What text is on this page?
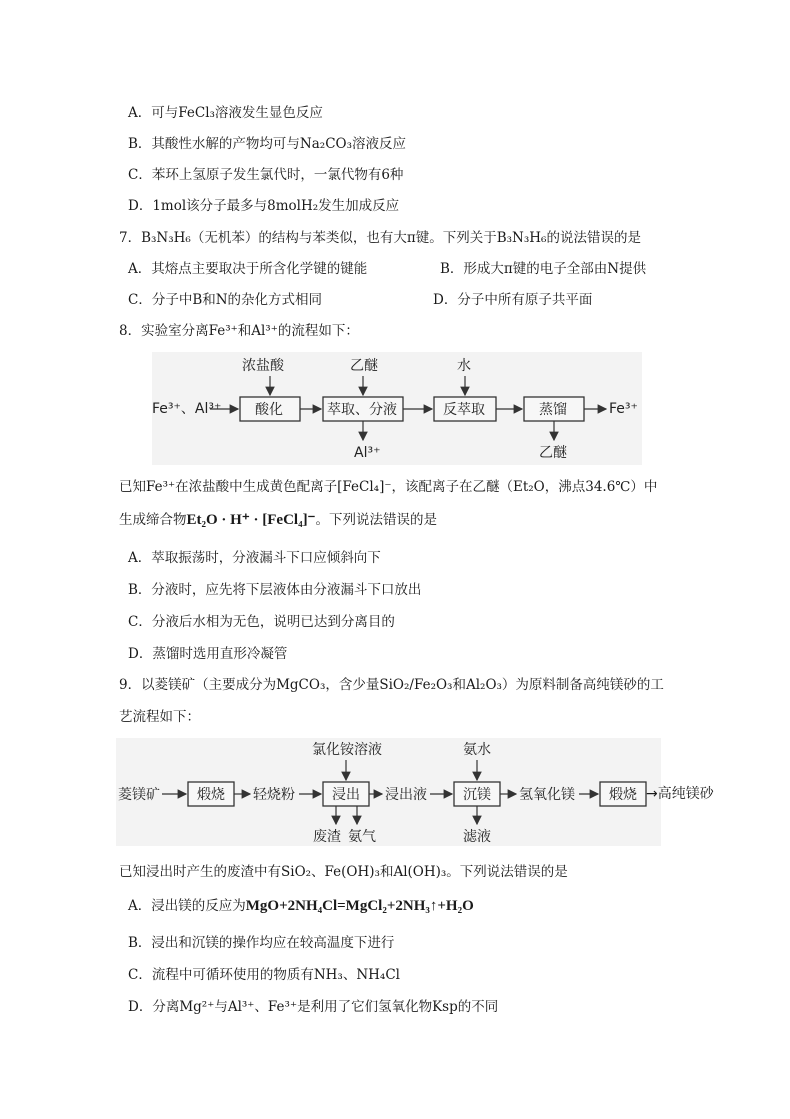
A．可与FeCl₃溶液发生显色反应
B．其酸性水解的产物均可与Na₂CO₃溶液反应
C．苯环上氢原子发生氯代时，一氯代物有6种
D．1mol该分子最多与8molH₂发生加成反应
7．B₃N₃H₆（无机苯）的结构与苯类似，也有大π键。下列关于B₃N₃H₆的说法错误的是
A．其熔点主要取决于所含化学键的键能	B．形成大π键的电子全部由N提供
C．分子中B和N的杂化方式相同	D．分子中所有原子共平面
8．实验室分离Fe³⁺和Al³⁺的流程如下：
Fe³⁺、Al³⁺ 酸化
浓盐酸
萃取、分液
乙醚
Al³⁺
反萃取
水
蒸馏
乙醚
Fe³⁺
已知Fe³⁺在浓盐酸中生成黄色配离子[FeCl₄]⁻，该配离子在乙醚（Et₂O，沸点34.6℃）中
生成缔合物Et₂O · H⁺ · [FeCl₄]⁻。下列说法错误的是
A．萃取振荡时，分液漏斗下口应倾斜向下
B．分液时，应先将下层液体由分液漏斗下口放出
C．分液后水相为无色，说明已达到分离目的
D．蒸馏时选用直形冷凝管
9．以菱镁矿（主要成分为MgCO₃，含少量SiO₂/Fe₂O₃和Al₂O₃）为原料制备高纯镁砂的工
艺流程如下：
菱镁矿	煅烧 轻烧粉	浸出
氯化铵溶液
废渣 氨气
浸出液	沉镁
氨水
滤液
氢氧化镁 煅烧 →高纯镁砂
已知浸出时产生的废渣中有SiO₂、Fe(OH)₃和Al(OH)₃。下列说法错误的是
A．浸出镁的反应为MgO+2NH₄Cl=MgCl₂+2NH₃↑+H₂O
B．浸出和沉镁的操作均应在较高温度下进行
C．流程中可循环使用的物质有NH₃、NH₄Cl
D．分离Mg²⁺与Al³⁺、Fe³⁺是利用了它们氢氧化物Ksp的不同
